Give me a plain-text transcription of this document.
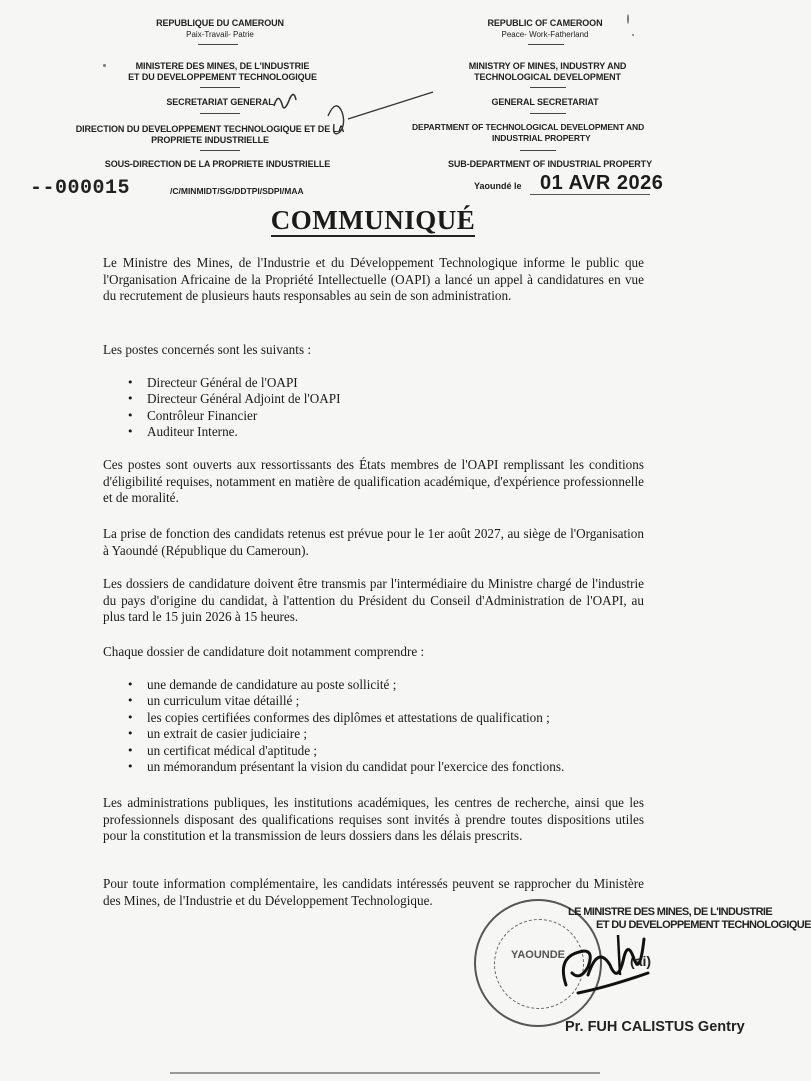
REPUBLIQUE DU CAMEROUN
Paix-Travail- Patrie
MINISTERE DES MINES, DE L'INDUSTRIE
ET DU DEVELOPPEMENT TECHNOLOGIQUE
SECRETARIAT GENERAL
DIRECTION DU DEVELOPPEMENT TECHNOLOGIQUE ET DE LA
PROPRIETE INDUSTRIELLE
SOUS-DIRECTION DE LA PROPRIETE INDUSTRIELLE
REPUBLIC OF CAMEROON
Peace- Work-Fatherland
MINISTRY OF MINES, INDUSTRY AND
TECHNOLOGICAL DEVELOPMENT
GENERAL SECRETARIAT
DEPARTMENT OF TECHNOLOGICAL DEVELOPMENT AND
INDUSTRIAL PROPERTY
SUB-DEPARTMENT OF INDUSTRIAL PROPERTY
--000015	/C/MINMIDT/SG/DDTPI/SDPI/MAA	Yaoundé le 01 AVR 2026
COMMUNIQUÉ
Le Ministre des Mines, de l'Industrie et du Développement Technologique informe le public que l'Organisation Africaine de la Propriété Intellectuelle (OAPI) a lancé un appel à candidatures en vue du recrutement de plusieurs hauts responsables au sein de son administration.
Les postes concernés sont les suivants :
• Directeur Général de l'OAPI
• Directeur Général Adjoint de l'OAPI
• Contrôleur Financier
• Auditeur Interne.
Ces postes sont ouverts aux ressortissants des États membres de l'OAPI remplissant les conditions d'éligibilité requises, notamment en matière de qualification académique, d'expérience professionnelle et de moralité.
La prise de fonction des candidats retenus est prévue pour le 1er août 2027, au siège de l'Organisation à Yaoundé (République du Cameroun).
Les dossiers de candidature doivent être transmis par l'intermédiaire du Ministre chargé de l'industrie du pays d'origine du candidat, à l'attention du Président du Conseil d'Administration de l'OAPI, au plus tard le 15 juin 2026 à 15 heures.
Chaque dossier de candidature doit notamment comprendre :
• une demande de candidature au poste sollicité ;
• un curriculum vitae détaillé ;
• les copies certifiées conformes des diplômes et attestations de qualification ;
• un extrait de casier judiciaire ;
• un certificat médical d'aptitude ;
• un mémorandum présentant la vision du candidat pour l'exercice des fonctions.
Les administrations publiques, les institutions académiques, les centres de recherche, ainsi que les professionnels disposant des qualifications requises sont invités à prendre toutes dispositions utiles pour la constitution et la transmission de leurs dossiers dans les délais prescrits.
Pour toute information complémentaire, les candidats intéressés peuvent se rapprocher du Ministère des Mines, de l'Industrie et du Développement Technologique.
YAOUNDE
LE MINISTRE DES MINES, DE L'INDUSTRIE
ET DU DEVELOPPEMENT TECHNOLOGIQUE
(ai)
Pr. FUH CALISTUS Gentry
